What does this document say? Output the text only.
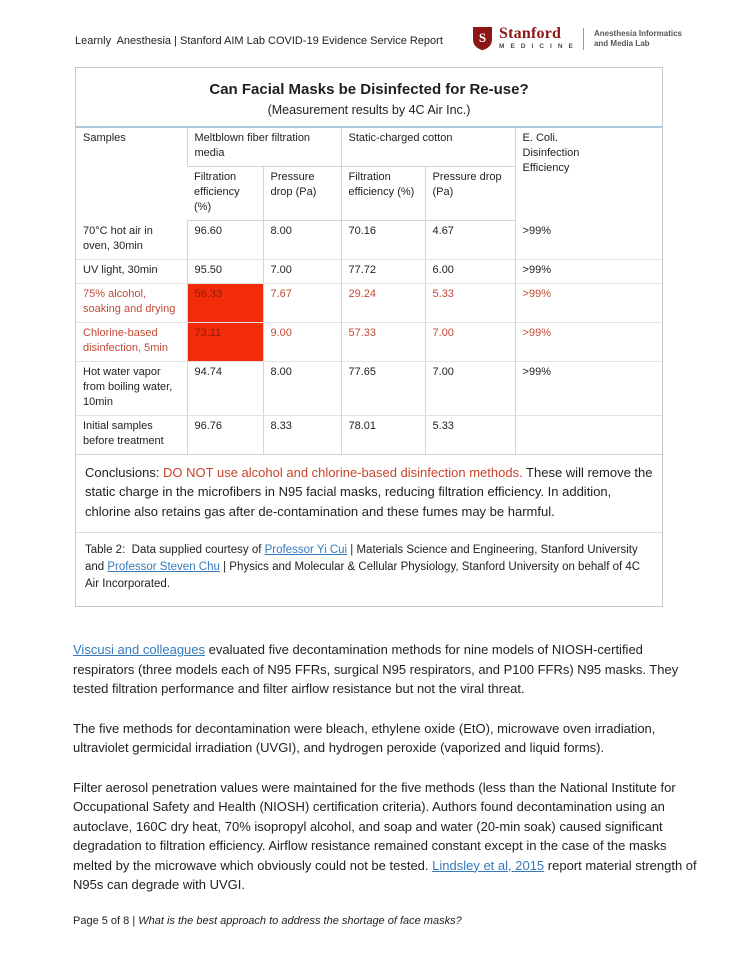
Learnly  Anesthesia | Stanford AIM Lab COVID-19 Evidence Service Report	S Stanford
M E D I C I N E
Anesthesia Informatics
and Media Lab
Can Facial Masks be Disinfected for Re-use?
(Measurement results by 4C Air Inc.)
Samples	Meltblown fiber filtration media		Static-charged cotton		E. Coli. Disinfection Efficiency

	Filtration efficiency (%)	Pressure drop (Pa)	Filtration efficiency (%)	Pressure drop (Pa)	
70°C hot air in oven, 30min	96.60	8.00	70.16	4.67	>99%
UV light, 30min	95.50	7.00	77.72	6.00	>99%
75% alcohol, soaking and drying	56.33	7.67	29.24	5.33	>99%
Chlorine-based disinfection, 5min	73.11	9.00	57.33	7.00	>99%
Hot water vapor from boiling water, 10min	94.74	8.00	77.65	7.00	>99%
Initial samples before treatment	96.76	8.33	78.01	5.33	
Conclusions: DO NOT use alcohol and chlorine-based disinfection methods. These will remove the static charge in the microfibers in N95 facial masks, reducing filtration efficiency. In addition, chlorine also retains gas after de-contamination and these fumes may be harmful.
Table 2:  Data supplied courtesy of Professor Yi Cui | Materials Science and Engineering, Stanford University and Professor Steven Chu | Physics and Molecular & Cellular Physiology, Stanford University on behalf of 4C Air Incorporated.

Viscusi and colleagues evaluated five decontamination methods for nine models of NIOSH-certified respirators (three models each of N95 FFRs, surgical N95 respirators, and P100 FFRs) N95 masks. They tested filtration performance and filter airflow resistance but not the viral threat.

The five methods for decontamination were bleach, ethylene oxide (EtO), microwave oven irradiation, ultraviolet germicidal irradiation (UVGI), and hydrogen peroxide (vaporized and liquid forms).

Filter aerosol penetration values were maintained for the five methods (less than the National Institute for Occupational Safety and Health (NIOSH) certification criteria). Authors found decontamination using an autoclave, 160C dry heat, 70% isopropyl alcohol, and soap and water (20-min soak) caused significant degradation to filtration efficiency. Airflow resistance remained constant except in the case of the masks melted by the microwave which obviously could not be tested. Lindsley et al, 2015 report material strength of N95s can degrade with UVGI.

Page 5 of 8 | What is the best approach to address the shortage of face masks?
